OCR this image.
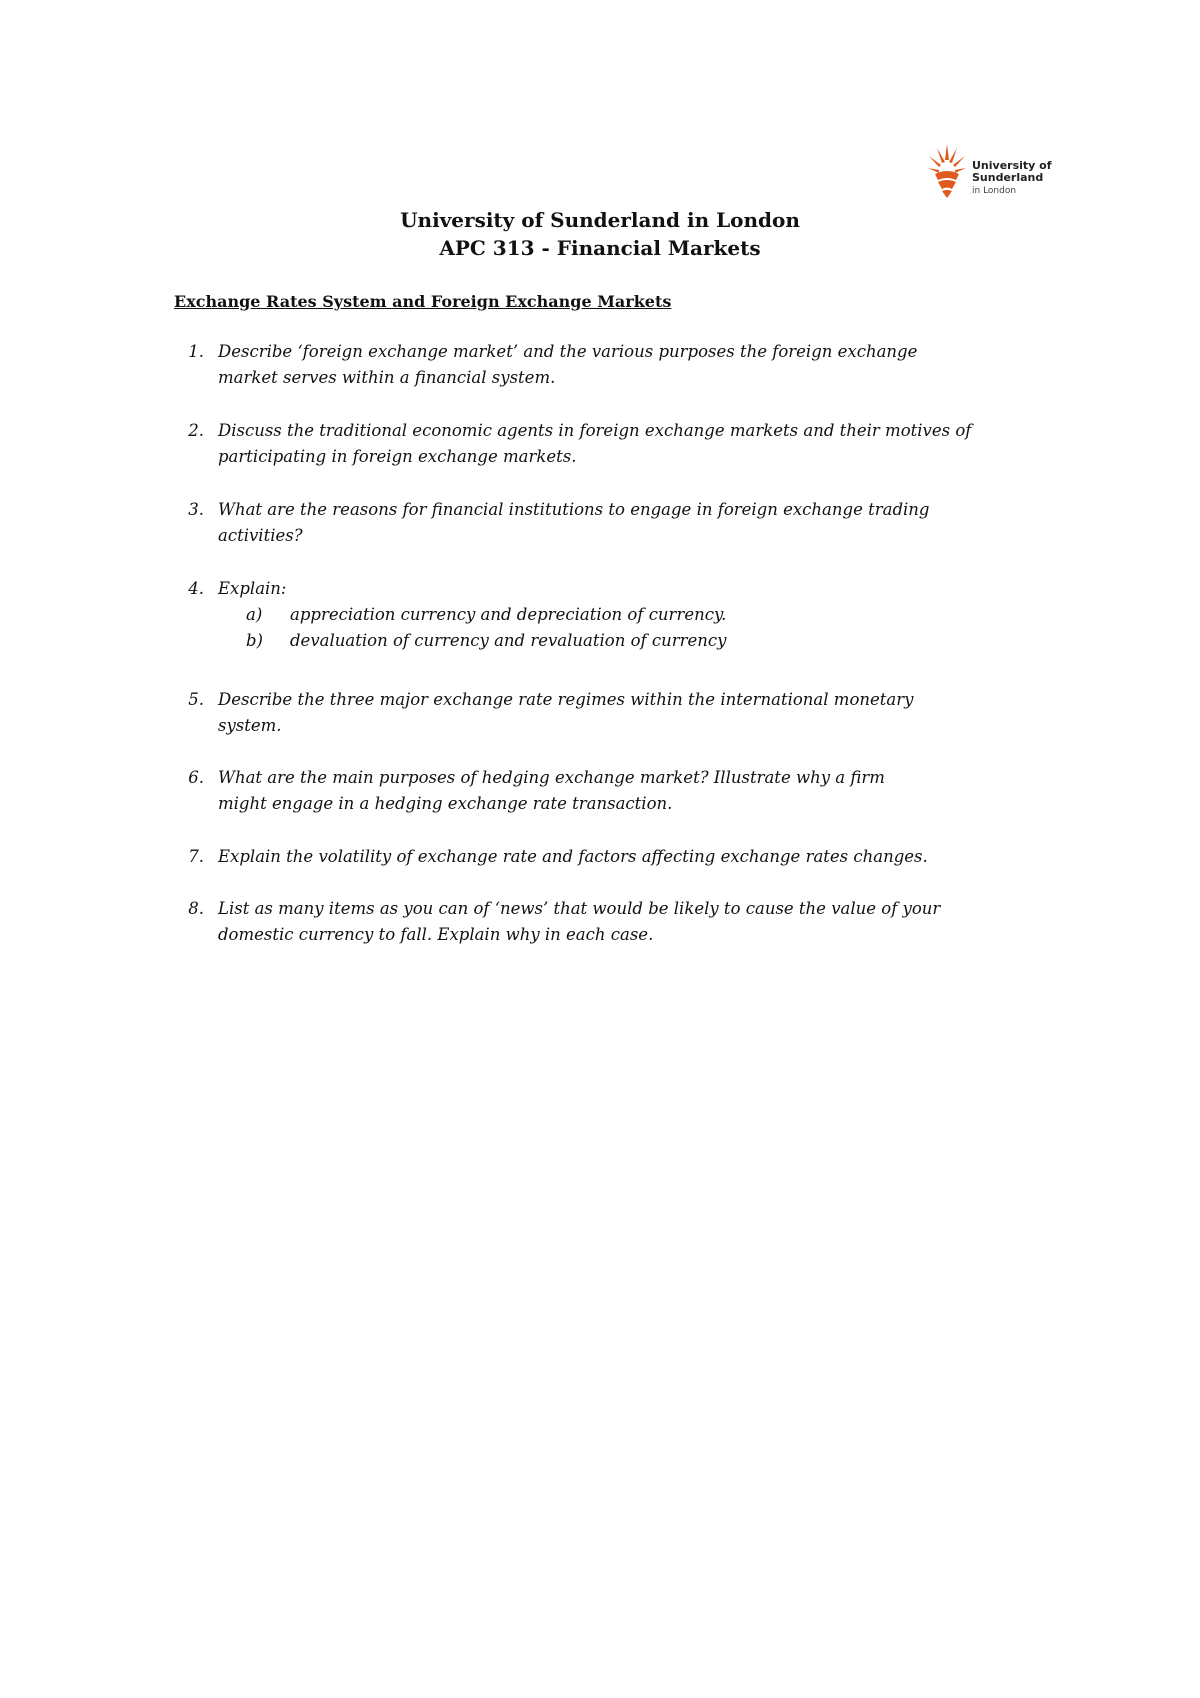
University of
Sunderland
in London
University of Sunderland in London
APC 313 - Financial Markets
Exchange Rates System and Foreign Exchange Markets
1. Describe ‘foreign exchange market’ and the various purposes the foreign exchange
market serves within a financial system.
2. Discuss the traditional economic agents in foreign exchange markets and their motives of
participating in foreign exchange markets.
3. What are the reasons for financial institutions to engage in foreign exchange trading
activities?
4. Explain:
a)	appreciation currency and depreciation of currency.
b)	devaluation of currency and revaluation of currency
5. Describe the three major exchange rate regimes within the international monetary
system.
6. What are the main purposes of hedging exchange market? Illustrate why a firm
might engage in a hedging exchange rate transaction.
7. Explain the volatility of exchange rate and factors affecting exchange rates changes.
8. List as many items as you can of ‘news’ that would be likely to cause the value of your
domestic currency to fall. Explain why in each case.
